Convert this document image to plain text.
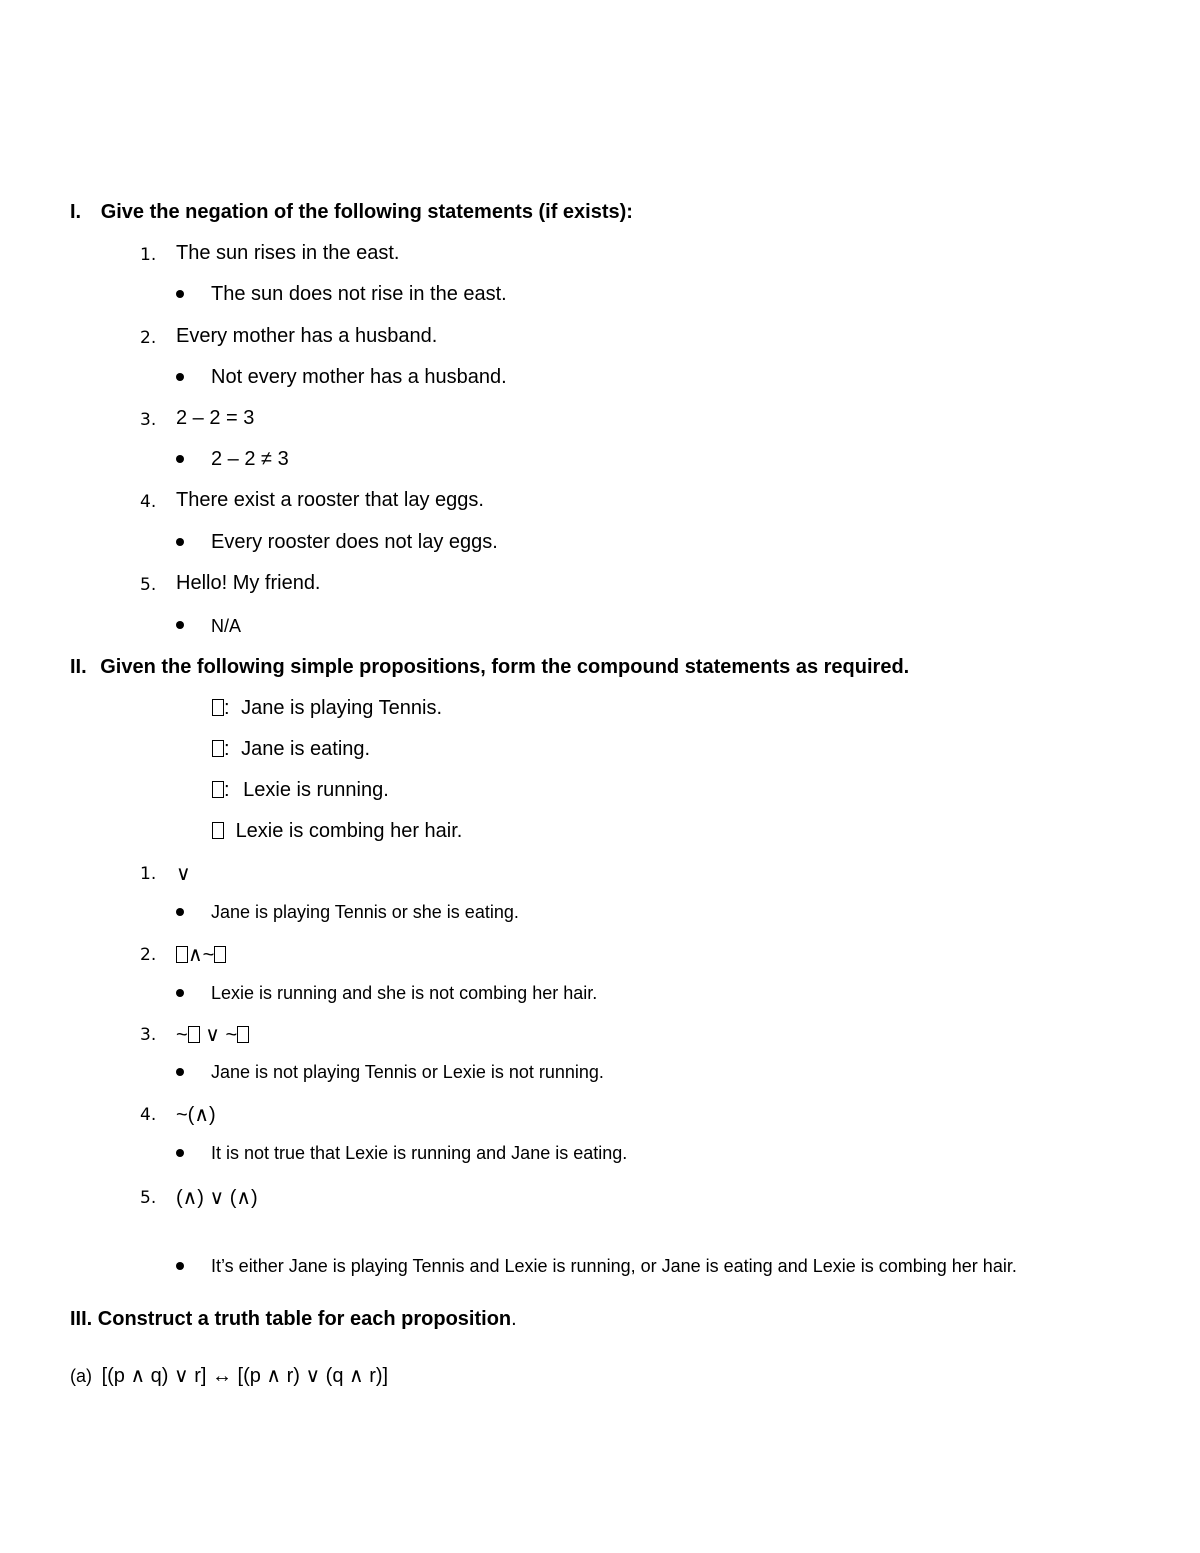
I. Give the negation of the following statements (if exists):
1. The sun rises in the east.
The sun does not rise in the east.
2. Every mother has a husband.
Not every mother has a husband.
3. 2 – 2 = 3
2 – 2 ≠ 3
4. There exist a rooster that lay eggs.
Every rooster does not lay eggs.
5. Hello! My friend.
N/A
II. Given the following simple propositions, form the compound statements as required.
: Jane is playing Tennis.
: Jane is eating.
: Lexie is running.
Lexie is combing her hair.
1. ∨
Jane is playing Tennis or she is eating.
2.	∧~
Lexie is running and she is not combing her hair.
3. ~ ∨ ~
Jane is not playing Tennis or Lexie is not running.
4. ~(∧)
It is not true that Lexie is running and Jane is eating.
5. (∧) ∨ (∧)
It’s either Jane is playing Tennis and Lexie is running, or Jane is eating and Lexie is combing her hair.
III. Construct a truth table for each proposition.
(a) [(p ∧ q) ∨ r] ↔ [(p ∧ r) ∨ (q ∧ r)]
